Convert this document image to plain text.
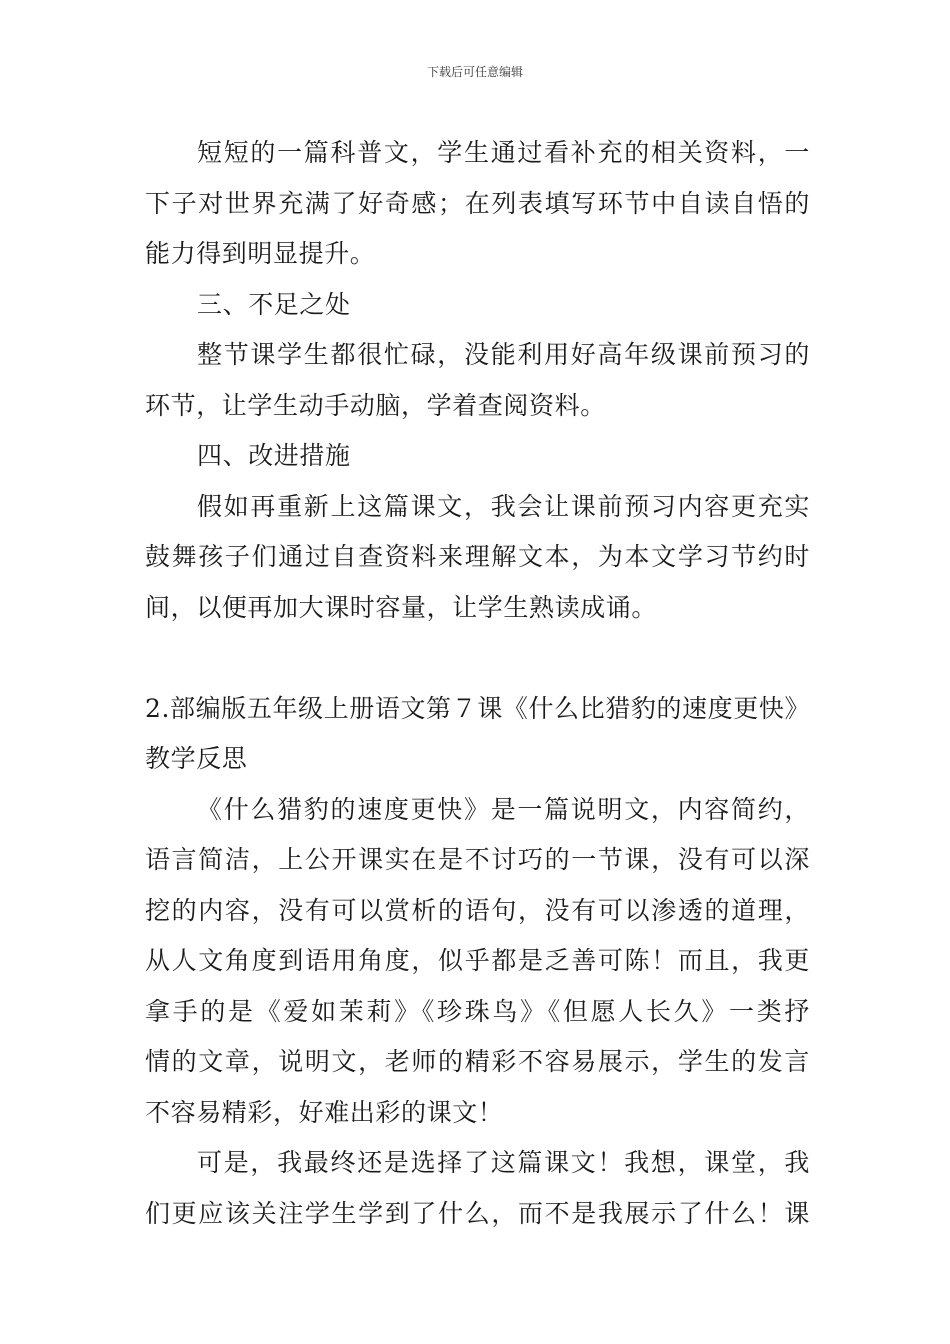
下载后可任意编辑
短短的一篇科普文，学生通过看补充的相关资料，一
下子对世界充满了好奇感；在列表填写环节中自读自悟的
能力得到明显提升。
三、不足之处
整节课学生都很忙碌，没能利用好高年级课前预习的
环节，让学生动手动脑，学着查阅资料。
四、改进措施
假如再重新上这篇课文，我会让课前预习内容更充实
鼓舞孩子们通过自查资料来理解文本，为本文学习节约时
间，以便再加大课时容量，让学生熟读成诵。
2.部编版五年级上册语文第７课《什么比猎豹的速度更快》
教学反思
《什么猎豹的速度更快》是一篇说明文，内容简约，
语言简洁，上公开课实在是不讨巧的一节课，没有可以深
挖的内容，没有可以赏析的语句，没有可以渗透的道理，
从人文角度到语用角度，似乎都是乏善可陈！而且，我更
拿手的是《爱如茉莉》《珍珠鸟》《但愿人长久》一类抒
情的文章，说明文，老师的精彩不容易展示，学生的发言
不容易精彩，好难出彩的课文！
可是，我最终还是选择了这篇课文！我想，课堂，我
们更应该关注学生学到了什么，而不是我展示了什么！课
